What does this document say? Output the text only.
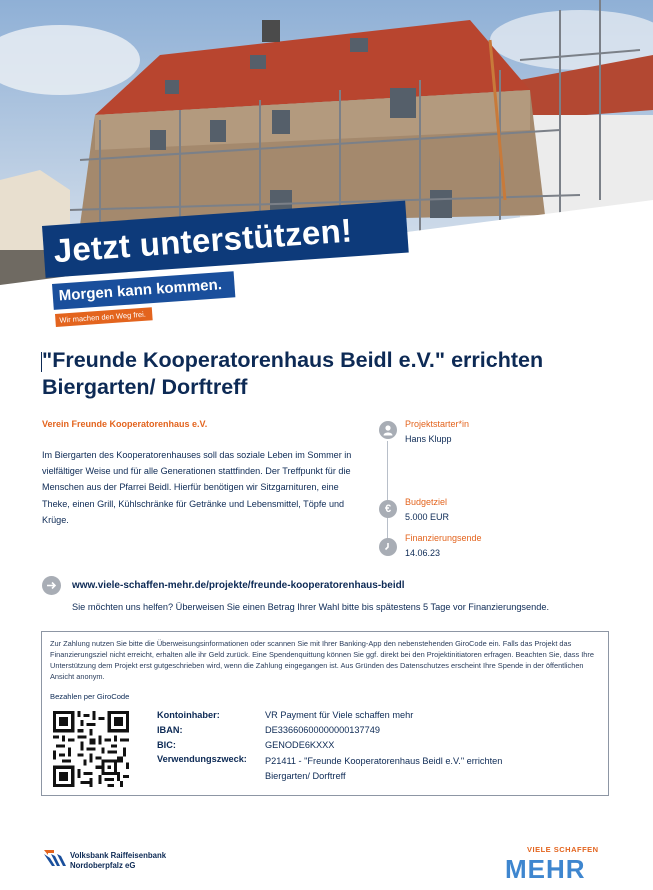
Jetzt unterstützen!
Morgen kann kommen.
Wir machen den Weg frei.
"Freunde Kooperatorenhaus Beidl e.V." errichten Biergarten/ Dorftreff
Verein Freunde Kooperatorenhaus e.V.
Im Biergarten des Kooperatorenhauses soll das soziale Leben im Sommer in vielfältiger Weise und für alle Generationen stattfinden. Der Treffpunkt für die Menschen aus der Pfarrei Beidl. Hierfür benötigen wir Sitzgarnituren, eine Theke, einen Grill, Kühlschränke für Getränke und Lebensmittel, Töpfe und Krüge.
Projektstarter*in
Hans Klupp
€
Budgetziel
5.000 EUR
Finanzierungsende
14.06.23
www.viele-schaffen-mehr.de/projekte/freunde-kooperatorenhaus-beidl
Sie möchten uns helfen? Überweisen Sie einen Betrag Ihrer Wahl bitte bis spätestens 5 Tage vor Finanzierungsende.
Zur Zahlung nutzen Sie bitte die Überweisungsinformationen oder scannen Sie mit Ihrer Banking-App den nebenstehenden GiroCode ein. Falls das Projekt das Finanzierungsziel nicht erreicht, erhalten alle ihr Geld zurück. Eine Spendenquittung können Sie ggf. direkt bei den Projektinitiatoren erfragen. Beachten Sie, dass Ihre Unterstützung dem Projekt erst gutgeschrieben wird, wenn die Zahlung eingegangen ist. Aus Gründen des Datenschutzes erscheint Ihre Spende in der öffentlichen Ansicht anonym.
Bezahlen per GiroCode
Kontoinhaber:	VR Payment für Viele schaffen mehr
IBAN:	DE33660600000000137749
BIC:	GENODE6KXXX
Verwendungszweck: P21411 - "Freunde Kooperatorenhaus Beidl e.V." errichten Biergarten/ Dorftreff
Volksbank Raiffeisenbank
Nordoberpfalz eG
VIELE SCHAFFEN
MEHR
